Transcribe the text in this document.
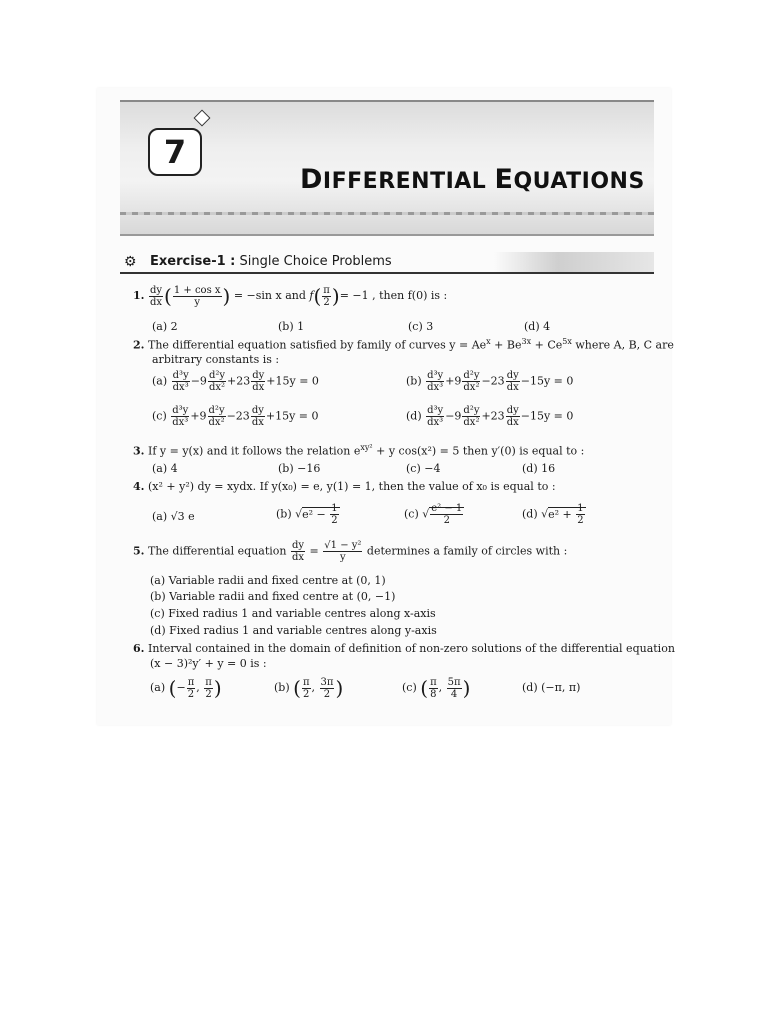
7
DIFFERENTIAL EQUATIONS
⚙ Exercise-1 : Single Choice Problems
1. $\frac{dy}{dx}$ ( $\frac{\text{1 + cos x}}{y}$ ) = −sin x and $f( \frac{\pi}{2}$ )= −1 , then f(0) is :
(a) 2	(b) 1	(c) 3	(d) 4
2. The differential equation satisfied by family of curves $y = Ae^x + Be^{3x} + Ce^{5x}$ where A, B, C are
arbitrary constants is :
$(a) \frac{\text{d³y}}{\text{dx³}} -9 \frac{\text{d²y}}{\text{dx²}} +23 \frac{dy}{dx} +15y = 0$	$(b) \frac{\text{d³y}}{\text{dx³}} +9 \frac{\text{d²y}}{\text{dx²}} -23 \frac{dy}{dx} -15y = 0$
$(c) \frac{\text{d³y}}{\text{dx³}} +9 \frac{\text{d²y}}{\text{dx²}} -23 \frac{dy}{dx} +15y = 0$	$(d) \frac{\text{d³y}}{\text{dx³}} -9 \frac{\text{d²y}}{\text{dx²}} +23 \frac{dy}{dx} -15y = 0$
3. If y = y(x) and it follows the relation $e^{xy^2} + y$ cos(x²) = 5 then y′(0) is equal to :
(a) 4	(b) −16	(c) −4	(d) 16
4. (x² + y²) dy = xydx. If y(x₀) = e, y(1) = 1, then the value of x₀ is equal to :
(a) √3 e	(b) $√e^2 - \frac{1}{2}$	(c) √ $\frac{\text{e² − 1}}{2}$	(d) $√e^2 + \frac{1}{2}$
5. The differential equation $\frac{dy}{dx} = \frac{\text{√1 − y²}}{y}$ determines a family of circles with :
(a) Variable radii and fixed centre at (0, 1)
(b) Variable radii and fixed centre at (0, −1)
(c) Fixed radius 1 and variable centres along x-axis
(d) Fixed radius 1 and variable centres along y-axis
6. Interval contained in the domain of definition of non-zero solutions of the differential equation
(x − 3)²y′ + y = 0 is :
(a) (− $\frac{\pi}{2}$ , $\frac{\pi}{2}$ )	(b) ( $\frac{\pi}{2}$ , $\frac{3\pi}{2}$ )	(c) ( $\frac{\pi}{8}$ , $\frac{5\pi}{4}$ )	(d) (−π, π)
